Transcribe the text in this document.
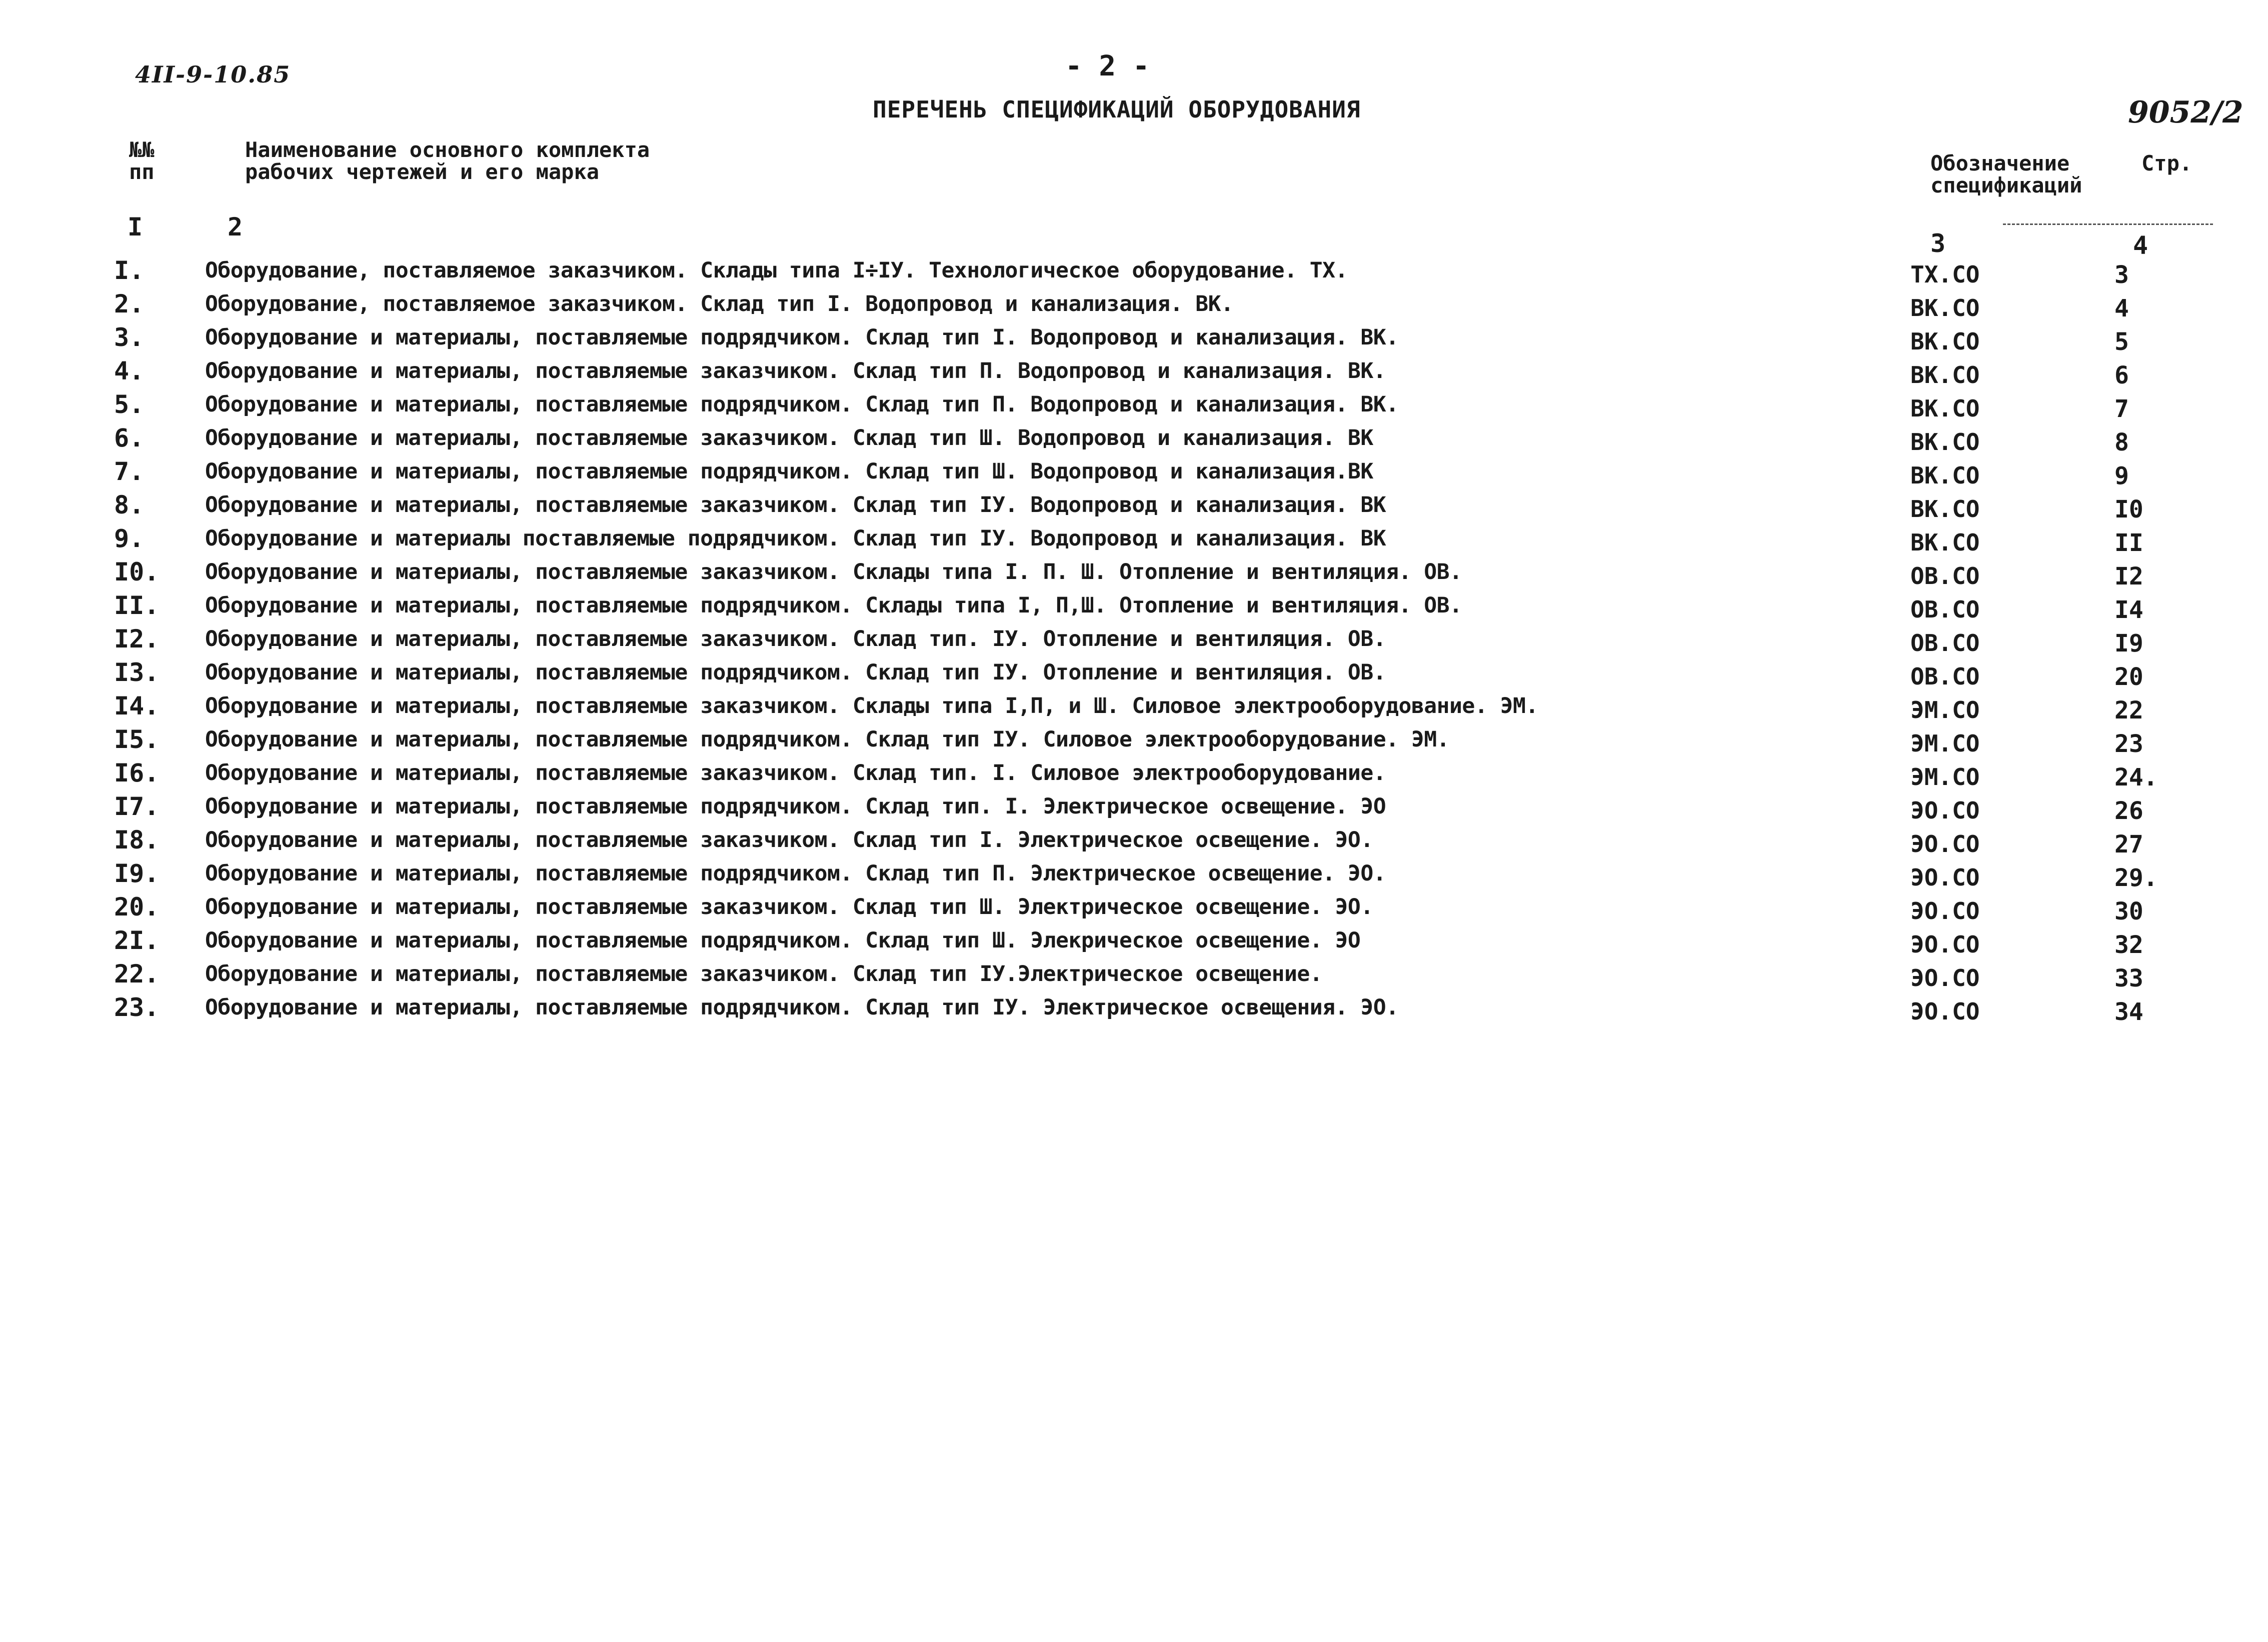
4II-9-10.85	- 2 -
ПЕРЕЧЕНЬ СПЕЦИФИКАЦИЙ ОБОРУДОВАНИЯ	9052/2
№№
пп
Наименование основного комплекта
рабочих чертежей и его марка	Обозначение
спецификаций
Стр.
I	2
3	4
I.	Оборудование, поставляемое заказчиком. Склады типа I÷IУ. Технологическое оборудование. ТХ.	ТХ.СО	3
2.	Оборудование, поставляемое заказчиком. Склад тип I. Водопровод и канализация. ВК.	ВК.СО	4
3.	Оборудование и материалы, поставляемые подрядчиком. Склад тип I. Водопровод и канализация. ВК.	ВК.СО	5
4.	Оборудование и материалы, поставляемые заказчиком. Склад тип П. Водопровод и канализация. ВК.	ВК.СО	6
5.	Оборудование и материалы, поставляемые подрядчиком. Склад тип П. Водопровод и канализация. ВК.	ВК.СО	7
6.	Оборудование и материалы, поставляемые заказчиком. Склад тип Ш. Водопровод и канализация. ВК	ВК.СО	8
7.	Оборудование и материалы, поставляемые подрядчиком. Склад тип Ш. Водопровод и канализация.ВК	ВК.СО	9
8.	Оборудование и материалы, поставляемые заказчиком. Склад тип IУ. Водопровод и канализация. ВК	ВК.СО	I0
9.	Оборудование и материалы поставляемые подрядчиком. Склад тип IУ. Водопровод и канализация. ВК	ВК.СО	II
I0. Оборудование и материалы, поставляемые заказчиком. Склады типа I. П. Ш. Отопление и вентиляция. ОВ.	ОВ.СО	I2
II. Оборудование и материалы, поставляемые подрядчиком. Склады типа I, П,Ш. Отопление и вентиляция. ОВ.	ОВ.СО	I4
I2. Оборудование и материалы, поставляемые заказчиком. Склад тип. IУ. Отопление и вентиляция. ОВ.	ОВ.СО	I9
I3. Оборудование и материалы, поставляемые подрядчиком. Склад тип IУ. Отопление и вентиляция. ОВ.	ОВ.СО	20
I4. Оборудование и материалы, поставляемые заказчиком. Склады типа I,П, и Ш. Силовое электрооборудование. ЭМ.	ЭМ.СО	22
I5. Оборудование и материалы, поставляемые подрядчиком. Склад тип IУ. Силовое электрооборудование. ЭМ.	ЭМ.СО	23
I6. Оборудование и материалы, поставляемые заказчиком. Склад тип. I. Силовое электрооборудование.	ЭМ.СО	24.
I7. Оборудование и материалы, поставляемые подрядчиком. Склад тип. I. Электрическое освещение. ЭО	ЭО.СО	26
I8. Оборудование и материалы, поставляемые заказчиком. Склад тип I. Электрическое освещение. ЭО.	ЭО.СО	27
I9. Оборудование и материалы, поставляемые подрядчиком. Склад тип П. Электрическое освещение. ЭО.	ЭО.СО	29.
20. Оборудование и материалы, поставляемые заказчиком. Склад тип Ш. Электрическое освещение. ЭО.	ЭО.СО	30
2I. Оборудование и материалы, поставляемые подрядчиком. Склад тип Ш. Элекрическое освещение. ЭО	ЭО.СО	32
22. Оборудование и материалы, поставляемые заказчиком. Склад тип IУ.Электрическое освещение.	ЭО.СО	33
23. Оборудование и материалы, поставляемые подрядчиком. Склад тип IУ. Электрическое освещения. ЭО.	ЭО.СО	34
